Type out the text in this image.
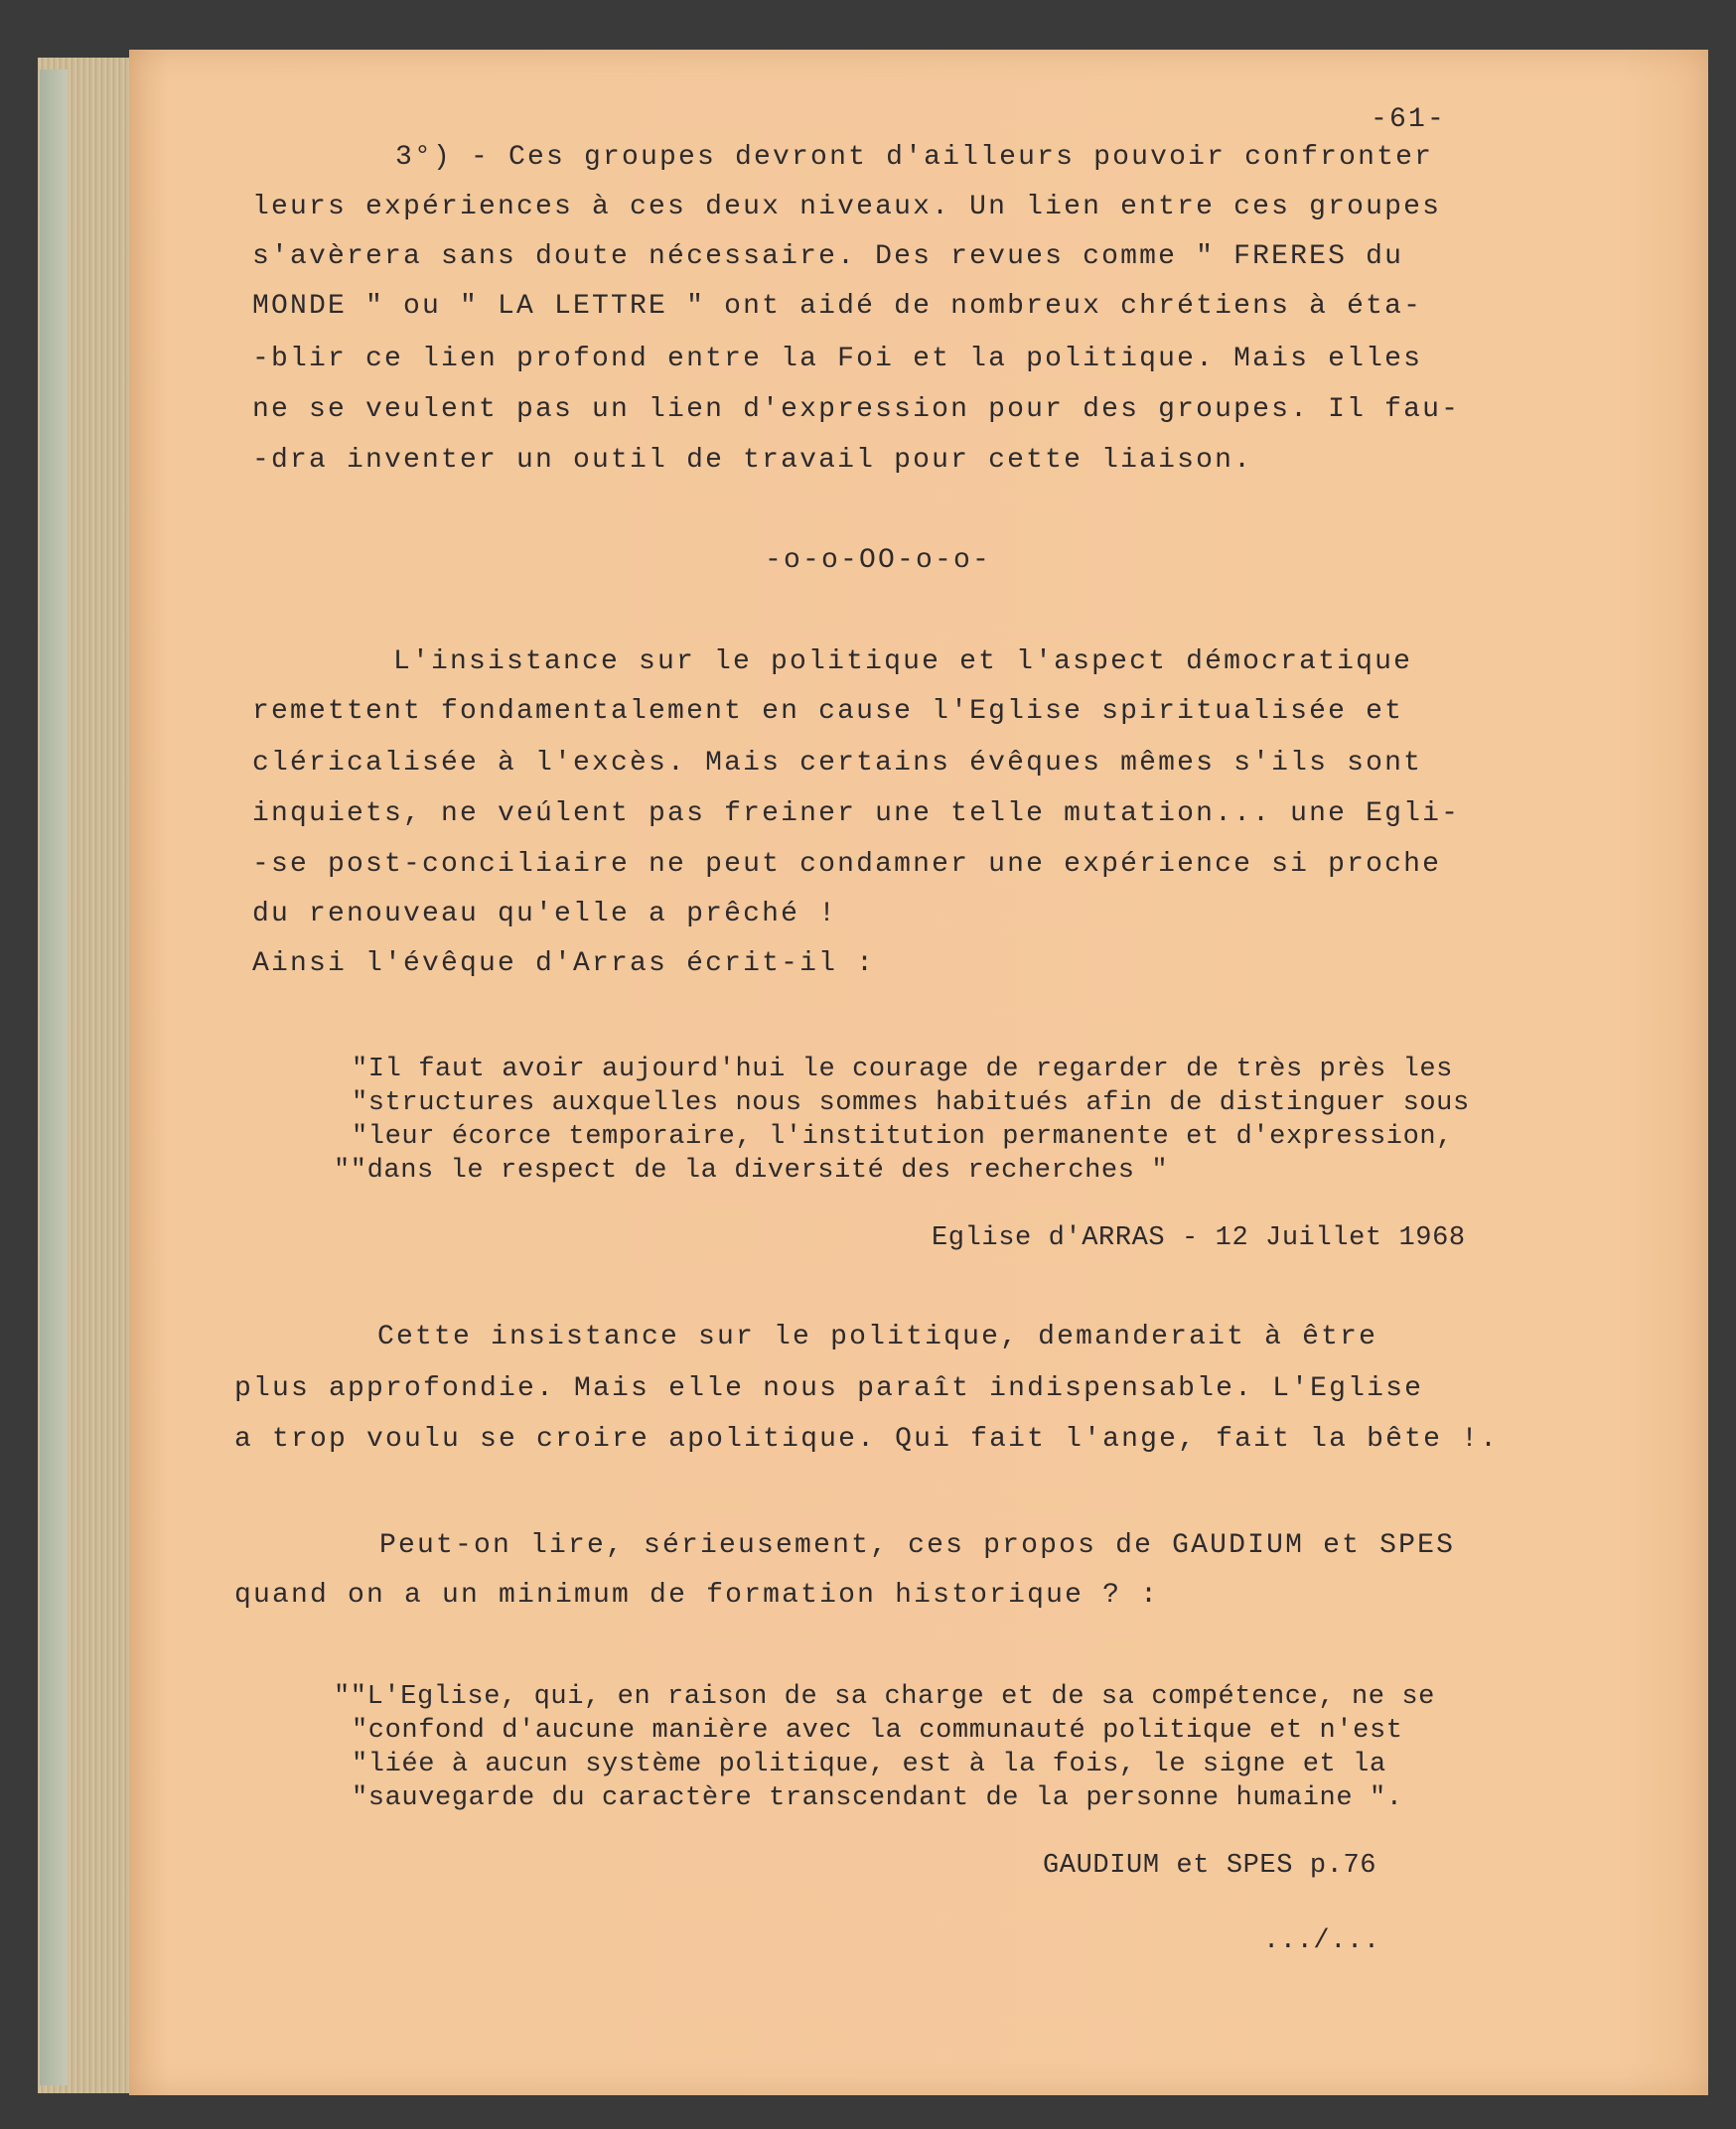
-61-
3°) - Ces groupes devront d'ailleurs pouvoir confronter
leurs expériences à ces deux niveaux. Un lien entre ces groupes
s'avèrera sans doute nécessaire. Des revues comme " FRERES du
MONDE " ou " LA LETTRE " ont aidé de nombreux chrétiens à éta-
-blir ce lien profond entre la Foi et la politique. Mais elles
ne se veulent pas un lien d'expression pour des groupes. Il fau-
-dra inventer un outil de travail pour cette liaison.
-o-o-OO-o-o-
L'insistance sur le politique et l'aspect démocratique
remettent fondamentalement en cause l'Eglise spiritualisée et
cléricalisée à l'excès. Mais certains évêques mêmes s'ils sont
inquiets, ne veúlent pas freiner une telle mutation... une Egli-
-se post-conciliaire ne peut condamner une expérience si proche
du renouveau qu'elle a prêché !
Ainsi l'évêque d'Arras écrit-il :
"Il faut avoir aujourd'hui le courage de regarder de très près les
"structures auxquelles nous sommes habitués afin de distinguer sous
"leur écorce temporaire, l'institution permanente et d'expression,
""dans le respect de la diversité des recherches "
Eglise d'ARRAS - 12 Juillet 1968
Cette insistance sur le politique, demanderait à être
plus approfondie. Mais elle nous paraît indispensable. L'Eglise
a trop voulu se croire apolitique. Qui fait l'ange, fait la bête !.
Peut-on lire, sérieusement, ces propos de GAUDIUM et SPES
quand on a un minimum de formation historique ? :
""L'Eglise, qui, en raison de sa charge et de sa compétence, ne se
"confond d'aucune manière avec la communauté politique et n'est
"liée à aucun système politique, est à la fois, le signe et la
"sauvegarde du caractère transcendant de la personne humaine ".
GAUDIUM et SPES p.76
.../...
